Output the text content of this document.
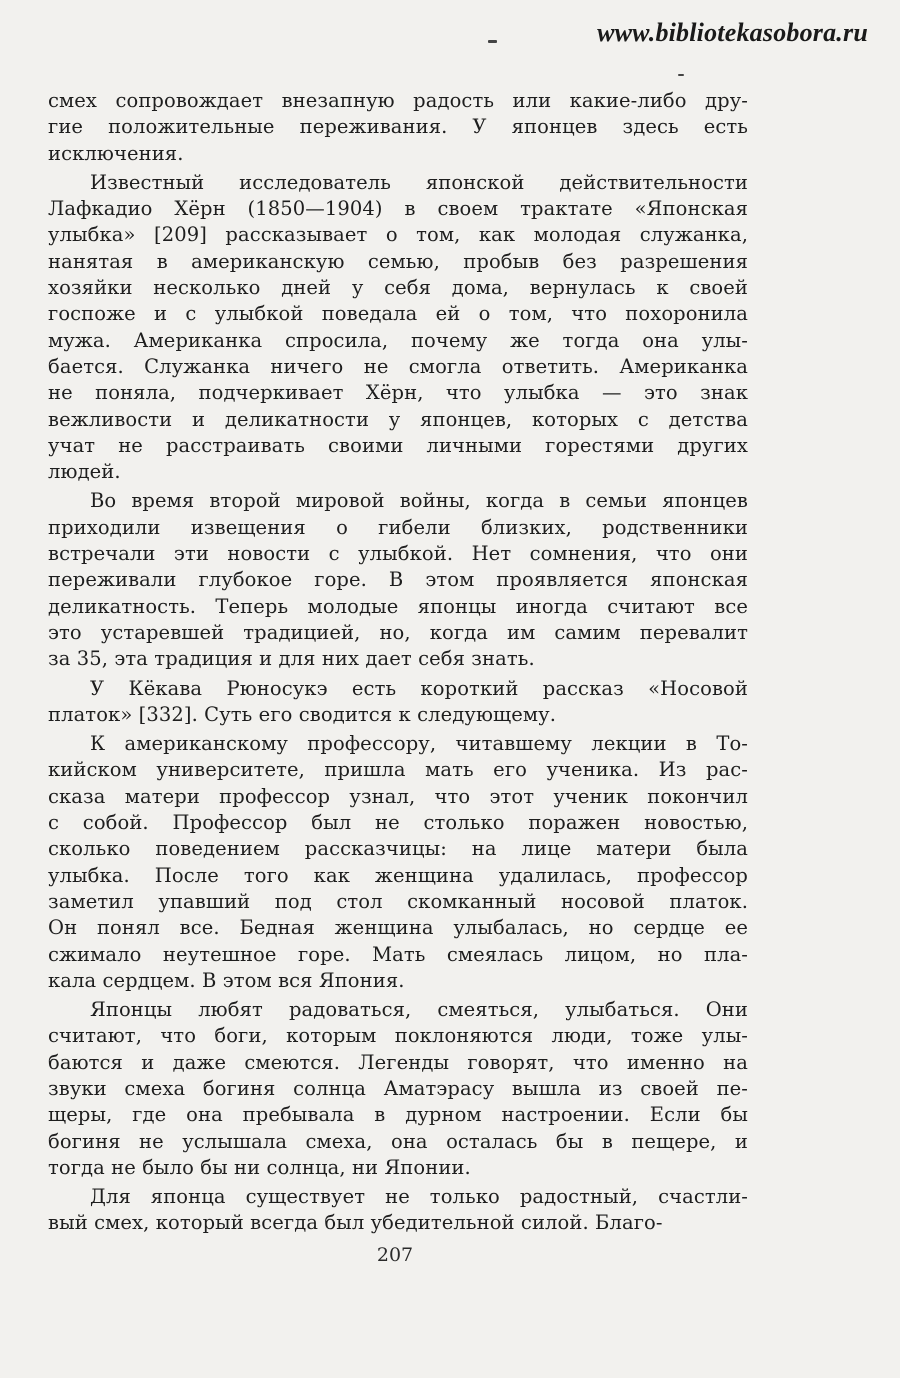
www.bibliotekasobora.ru
смех сопровождает внезапную радость или какие-либо дру-
гие положительные переживания. У японцев здесь есть
исключения.
Известный исследователь японской действительности
Лафкадио Хёрн (1850—1904) в своем трактате «Японская
улыбка» [209] рассказывает о том, как молодая служанка,
нанятая в американскую семью, пробыв без разрешения
хозяйки несколько дней у себя дома, вернулась к своей
госпоже и с улыбкой поведала ей о том, что похоронила
мужа. Американка спросила, почему же тогда она улы-
бается. Служанка ничего не смогла ответить. Американка
не поняла, подчеркивает Хёрн, что улыбка — это знак
вежливости и деликатности у японцев, которых с детства
учат не расстраивать своими личными горестями других
людей.
Во время второй мировой войны, когда в семьи японцев
приходили извещения о гибели близких, родственники
встречали эти новости с улыбкой. Нет сомнения, что они
переживали глубокое горе. В этом проявляется японская
деликатность. Теперь молодые японцы иногда считают все
это устаревшей традицией, но, когда им самим перевалит
за 35, эта традиция и для них дает себя знать.
У Кёкава Рюносукэ есть короткий рассказ «Носовой
платок» [332]. Суть его сводится к следующему.
К американскому профессору, читавшему лекции в То-
кийском университете, пришла мать его ученика. Из рас-
сказа матери профессор узнал, что этот ученик покончил
с собой. Профессор был не столько поражен новостью,
сколько поведением рассказчицы: на лице матери была
улыбка. После того как женщина удалилась, профессор
заметил упавший под стол скомканный носовой платок.
Он понял все. Бедная женщина улыбалась, но сердце ее
сжимало неутешное горе. Мать смеялась лицом, но пла-
кала сердцем. В этом вся Япония.
Японцы любят радоваться, смеяться, улыбаться. Они
считают, что боги, которым поклоняются люди, тоже улы-
баются и даже смеются. Легенды говорят, что именно на
звуки смеха богиня солнца Аматэрасу вышла из своей пе-
щеры, где она пребывала в дурном настроении. Если бы
богиня не услышала смеха, она осталась бы в пещере, и
тогда не было бы ни солнца, ни Японии.
Для японца существует не только радостный, счастли-
вый смех, который всегда был убедительной силой. Благо-
207
